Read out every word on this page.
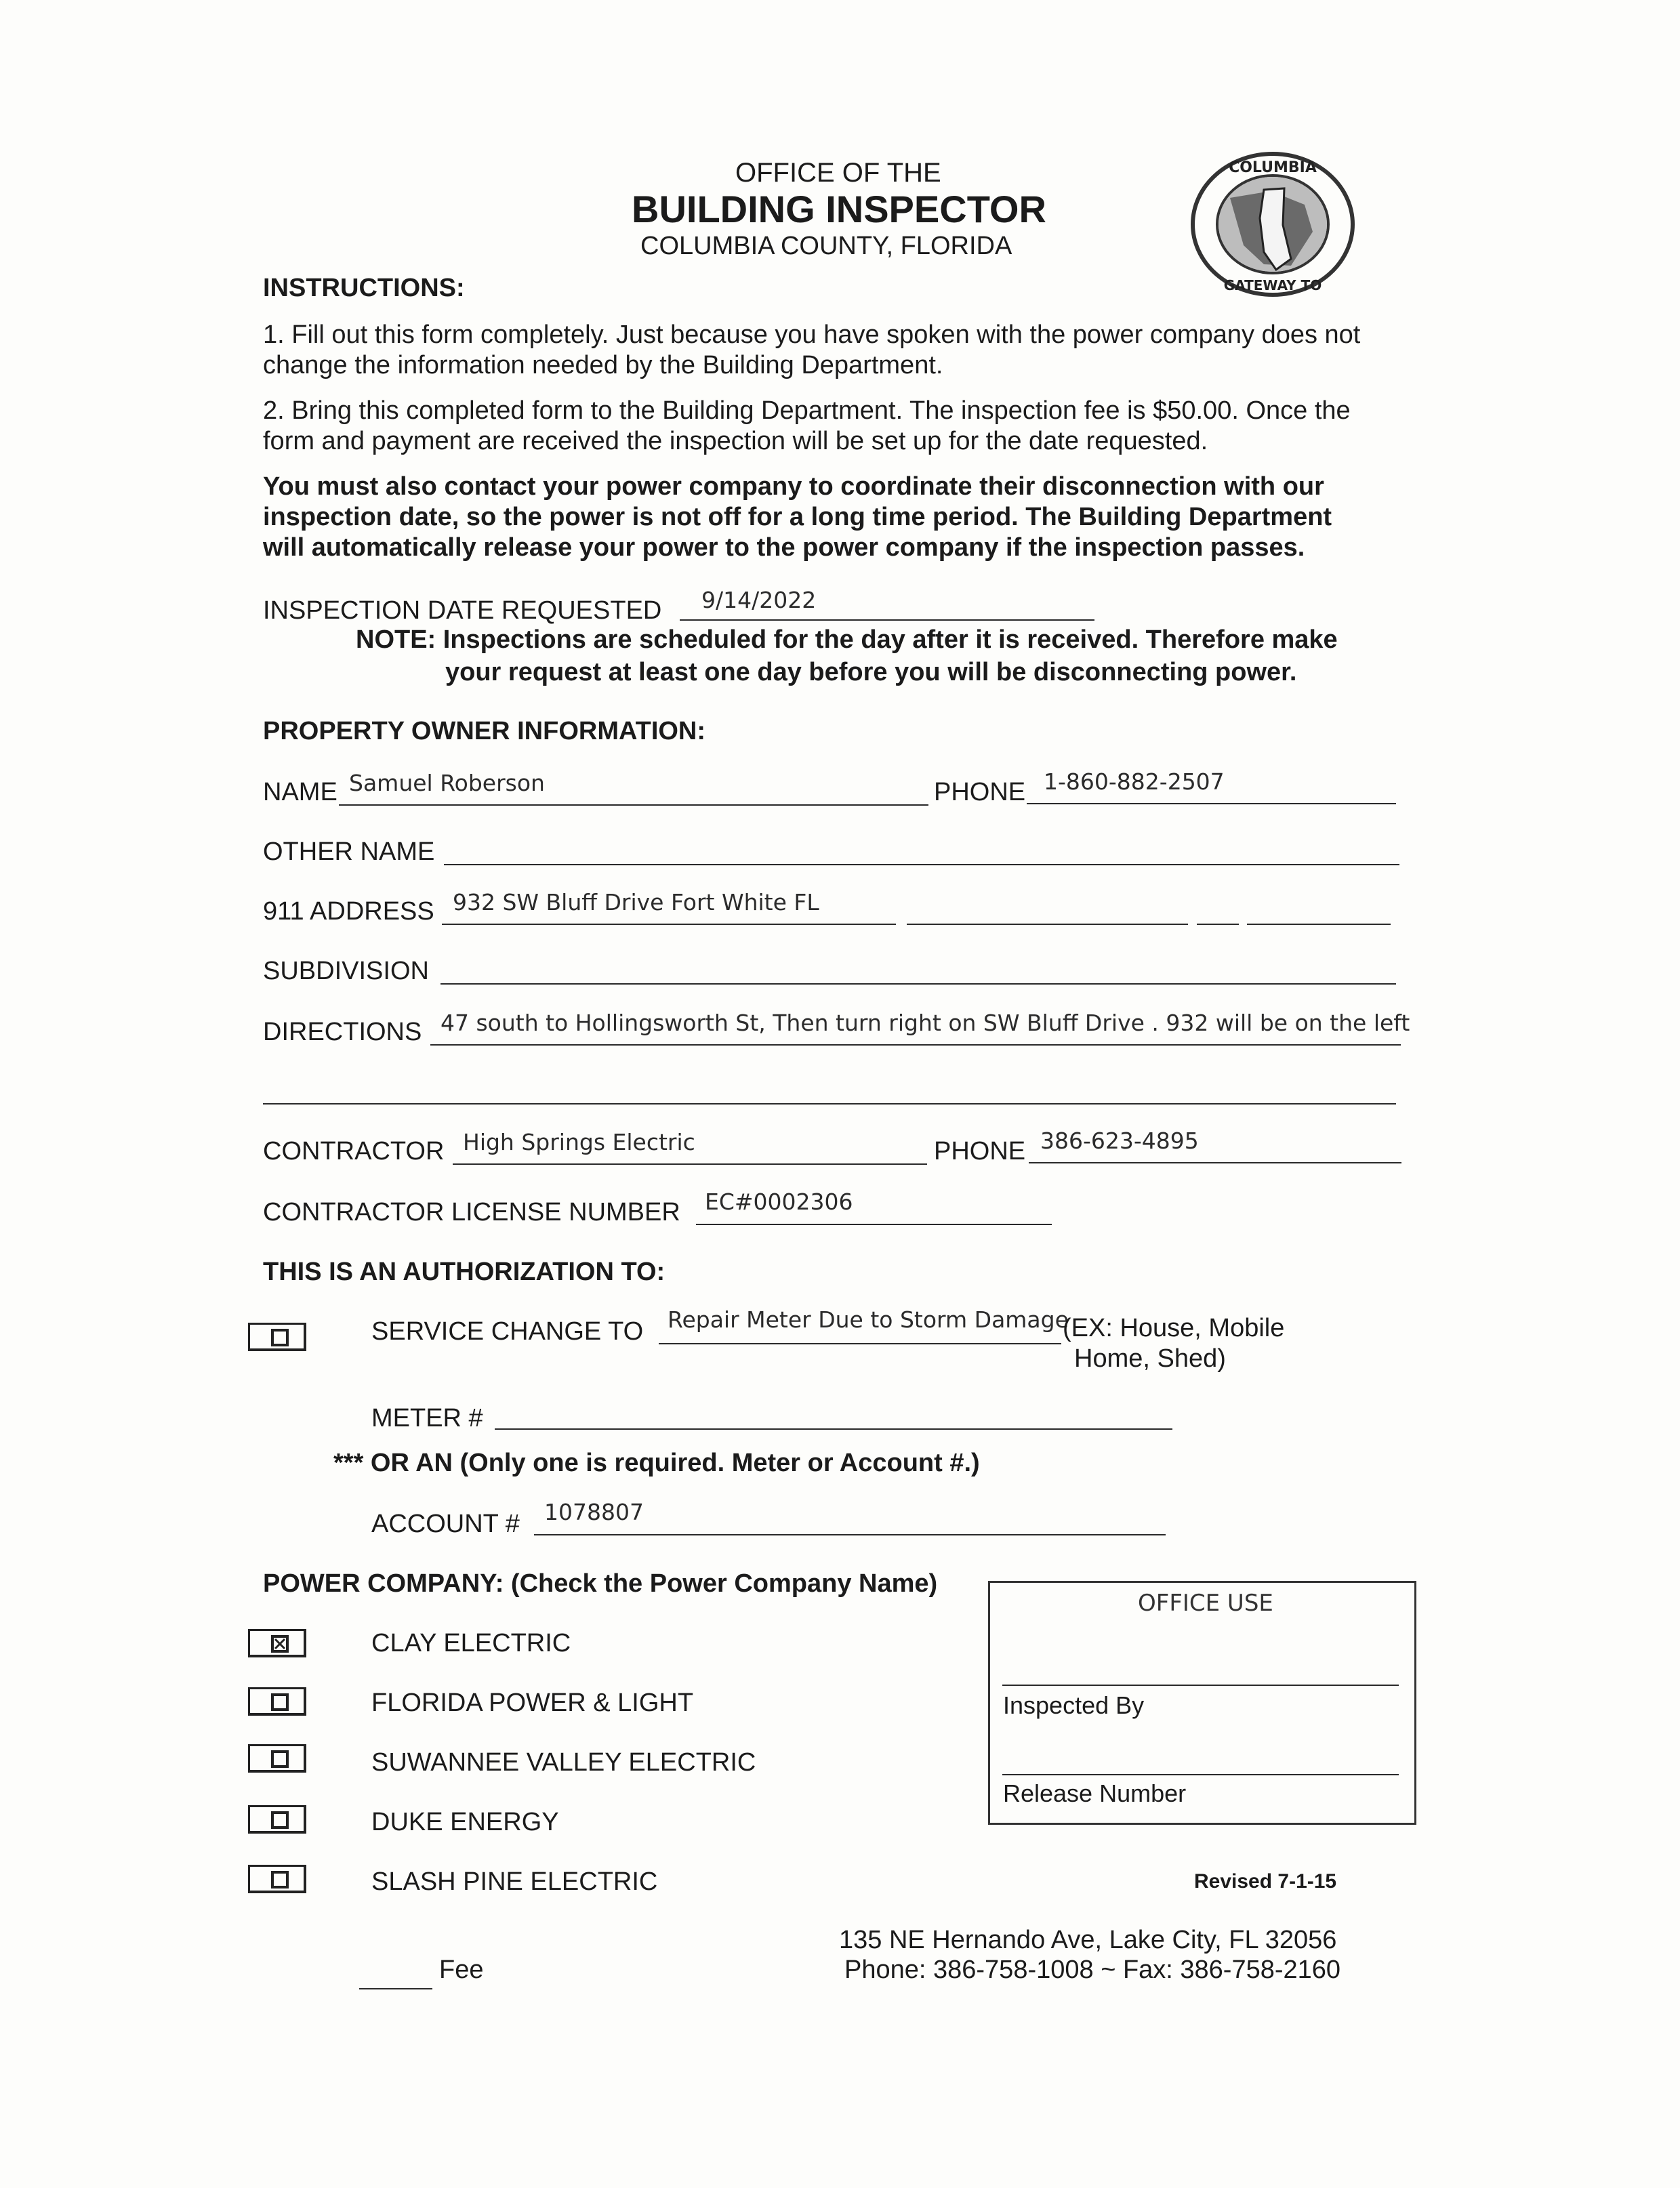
OFFICE OF THE
BUILDING INSPECTOR
COLUMBIA COUNTY, FLORIDA
COLUMBIA
GATEWAY TO
INSTRUCTIONS:
1. Fill out this form completely. Just because you have spoken with the power company does not
change the information needed by the Building Department.
2. Bring this completed form to the Building Department. The inspection fee is $50.00. Once the
form and payment are received the inspection will be set up for the date requested.
You must also contact your power company to coordinate their disconnection with our
inspection date, so the power is not off for a long time period. The Building Department
will automatically release your power to the power company if the inspection passes.
INSPECTION DATE REQUESTED 9/14/2022
NOTE: Inspections are scheduled for the day after it is received. Therefore make
your request at least one day before you will be disconnecting power.
PROPERTY OWNER INFORMATION:
NAME Samuel Roberson	PHONE 1-860-882-2507
OTHER NAME
911 ADDRESS 932 SW Bluff Drive Fort White FL
SUBDIVISION
DIRECTIONS 47 south to Hollingsworth St, Then turn right on SW Bluff Drive . 932 will be on the left
CONTRACTOR High Springs Electric	PHONE 386-623-4895
CONTRACTOR LICENSE NUMBER EC#0002306
THIS IS AN AUTHORIZATION TO:
SERVICE CHANGE TO Repair Meter Due to Storm Damage
(EX: House, Mobile
Home, Shed)
METER #
*** OR AN (Only one is required. Meter or Account #.)
ACCOUNT # 1078807
POWER COMPANY: (Check the Power Company Name)
CLAY ELECTRIC
FLORIDA POWER & LIGHT
SUWANNEE VALLEY ELECTRIC
DUKE ENERGY
SLASH PINE ELECTRIC
OFFICE USE
Inspected By
Release Number
Revised 7-1-15
Fee
135 NE Hernando Ave, Lake City, FL 32056
Phone: 386-758-1008 ~ Fax: 386-758-2160
